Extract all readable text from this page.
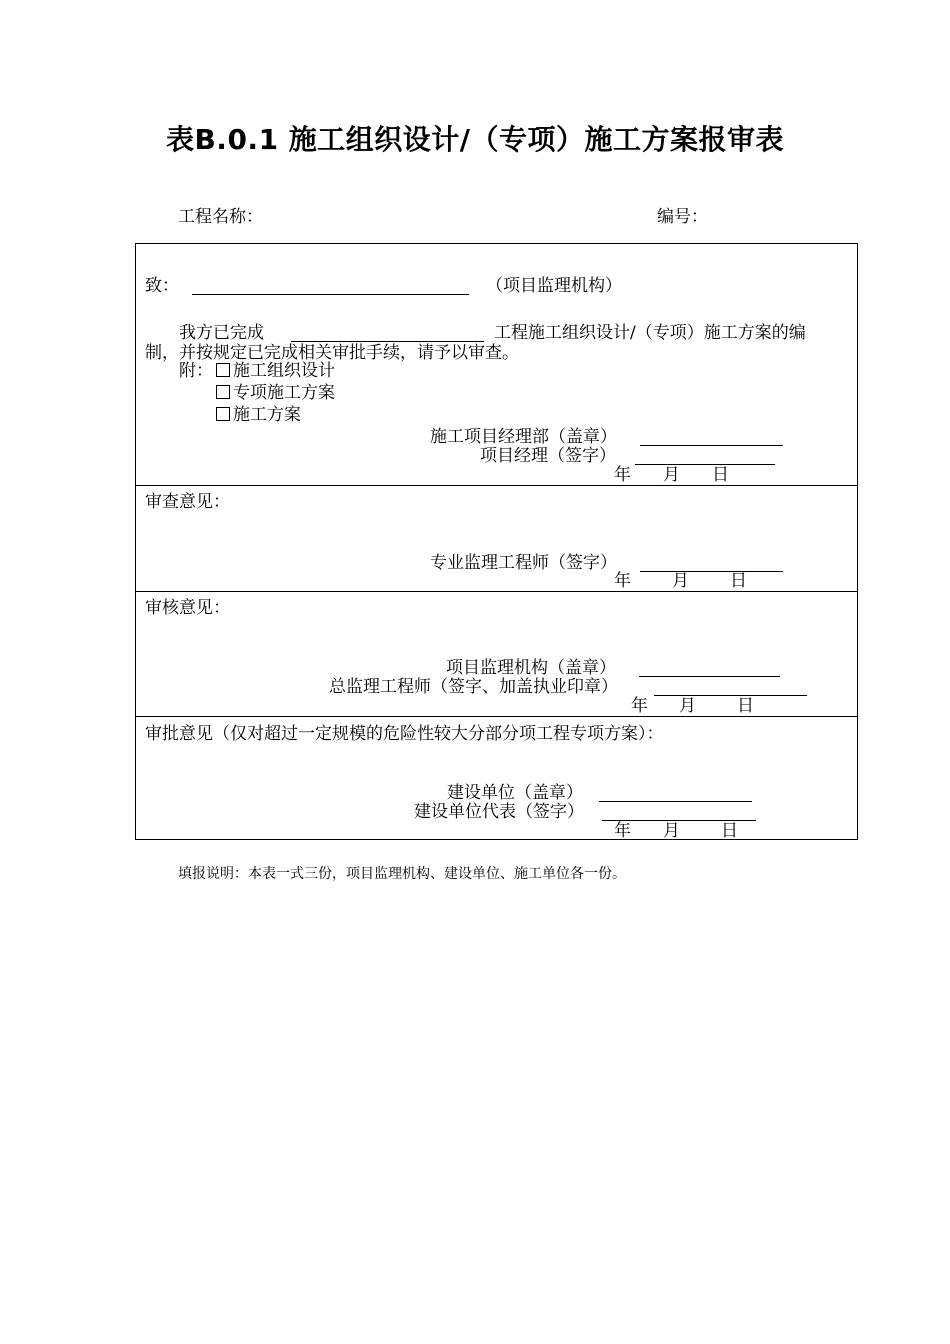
表B.0.1 施工组织设计/（专项）施工方案报审表
工程名称：	编号：
致：	（项目监理机构）
我方已完成	工程施工组织设计/（专项）施工方案的编
制，并按规定已完成相关审批手续，请予以审查。
附：	施工组织设计
专项施工方案
施工方案
施工项目经理部（盖章）
项目经理（签字）
年 月 日
审查意见：
专业监理工程师（签字）
年 月 日
审核意见：
项目监理机构（盖章）
总监理工程师（签字、加盖执业印章）
年 月 日
审批意见（仅对超过一定规模的危险性较大分部分项工程专项方案）：
建设单位（盖章）
建设单位代表（签字）
年 月 日
填报说明：本表一式三份，项目监理机构、建设单位、施工单位各一份。
